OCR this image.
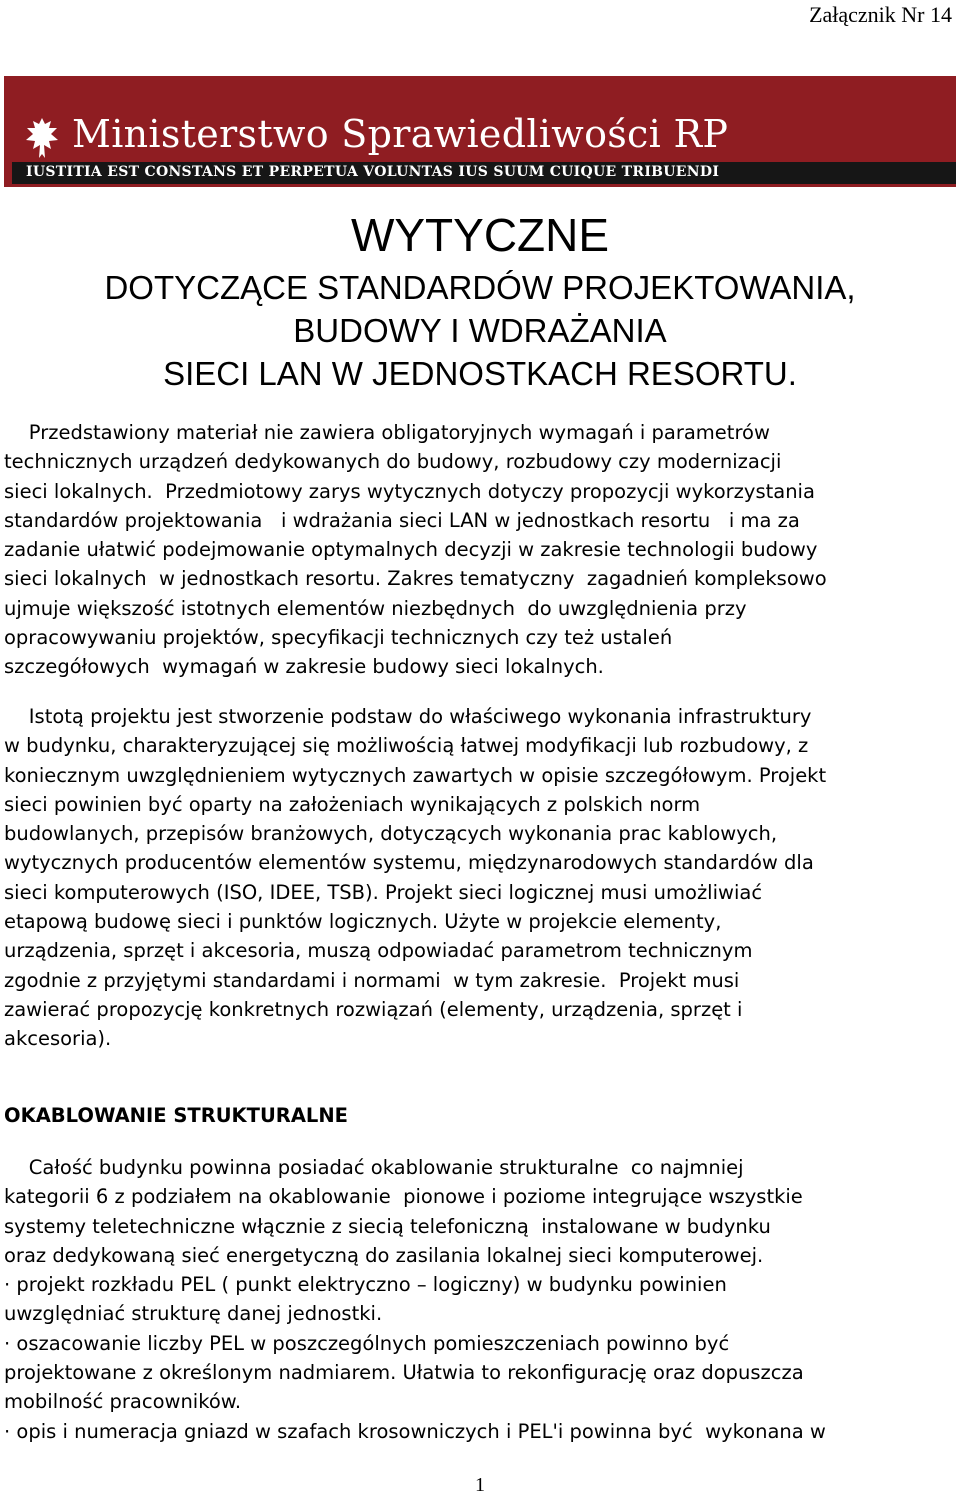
Załącznik Nr 14
Ministerstwo Sprawiedliwości RP
IUSTITIA EST CONSTANS ET PERPETUA VOLUNTAS IUS SUUM CUIQUE TRIBUENDI
WYTYCZNE
DOTYCZĄCE STANDARDÓW PROJEKTOWANIA,
BUDOWY I WDRAŻANIA
SIECI LAN W JEDNOSTKACH RESORTU.
Przedstawiony materiał nie zawiera obligatoryjnych wymagań i parametrów
technicznych urządzeń dedykowanych do budowy, rozbudowy czy modernizacji
sieci lokalnych.  Przedmiotowy zarys wytycznych dotyczy propozycji wykorzystania
standardów projektowania   i wdrażania sieci LAN w jednostkach resortu   i ma za
zadanie ułatwić podejmowanie optymalnych decyzji w zakresie technologii budowy
sieci lokalnych  w jednostkach resortu. Zakres tematyczny  zagadnień kompleksowo
ujmuje większość istotnych elementów niezbędnych  do uwzględnienia przy
opracowywaniu projektów, specyfikacji technicznych czy też ustaleń
szczegółowych  wymagań w zakresie budowy sieci lokalnych.
Istotą projektu jest stworzenie podstaw do właściwego wykonania infrastruktury
w budynku, charakteryzującej się możliwością łatwej modyfikacji lub rozbudowy, z
koniecznym uwzględnieniem wytycznych zawartych w opisie szczegółowym. Projekt
sieci powinien być oparty na założeniach wynikających z polskich norm
budowlanych, przepisów branżowych, dotyczących wykonania prac kablowych,
wytycznych producentów elementów systemu, międzynarodowych standardów dla
sieci komputerowych (ISO, IDEE, TSB). Projekt sieci logicznej musi umożliwiać
etapową budowę sieci i punktów logicznych. Użyte w projekcie elementy,
urządzenia, sprzęt i akcesoria, muszą odpowiadać parametrom technicznym
zgodnie z przyjętymi standardami i normami  w tym zakresie.  Projekt musi
zawierać propozycję konkretnych rozwiązań (elementy, urządzenia, sprzęt i
akcesoria).
OKABLOWANIE STRUKTURALNE
Całość budynku powinna posiadać okablowanie strukturalne  co najmniej
kategorii 6 z podziałem na okablowanie  pionowe i poziome integrujące wszystkie
systemy teletechniczne włącznie z siecią telefoniczną  instalowane w budynku
oraz dedykowaną sieć energetyczną do zasilania lokalnej sieci komputerowej.
· projekt rozkładu PEL ( punkt elektryczno – logiczny) w budynku powinien
uwzględniać strukturę danej jednostki.
· oszacowanie liczby PEL w poszczególnych pomieszczeniach powinno być
projektowane z określonym nadmiarem. Ułatwia to rekonfigurację oraz dopuszcza
mobilność pracowników.
· opis i numeracja gniazd w szafach krosowniczych i PEL'i powinna być  wykonana w
1
